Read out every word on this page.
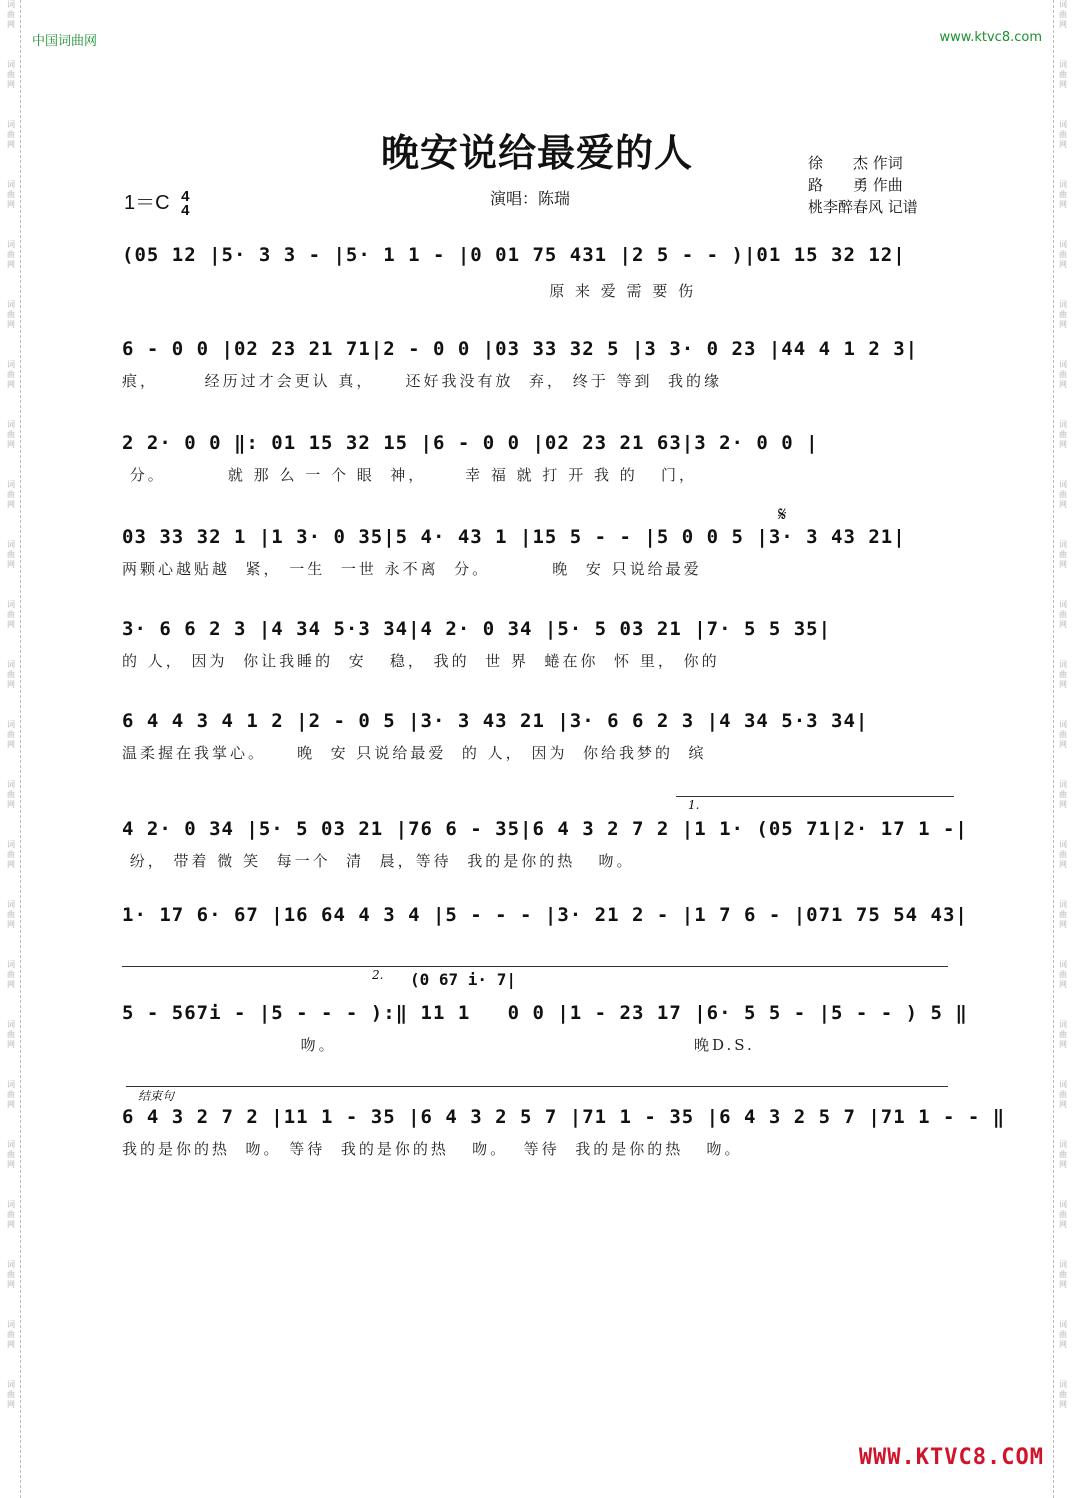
词
曲
网
词
曲
网
词
曲
网
词
曲
网
词
曲
网
词
曲
网
词
曲
网
词
曲
网
词
曲
网
词
曲
网
词
曲
网
词
曲
网
词
曲
网
词
曲
网
词
曲
网
词
曲
网
词
曲
网
词
曲
网
词
曲
网
词
曲
网
词
曲
网
词
曲
网
词
曲
网
词
曲
网
词
曲
网
词
曲
网
词
曲
网
词
曲
网
词
曲
网
词
曲
网
词
曲
网
词
曲
网
词
曲
网
词
曲
网
词
曲
网
词
曲
网
词
曲
网
词
曲
网
词
曲
网
词
曲
网
词
曲
网
词
曲
网
词
曲
网
词
曲
网
词
曲
网
词
曲
网
词
曲
网
词
曲
网
中国词曲网	www.ktvc8.com
晚安说给最爱的人	徐　　杰 作词
路　　勇 作曲
桃李醉春风 记谱
1＝C 4
4
演唱：陈瑞
(05 12 |5· 3 3 - |5· 1 1 - |0 01 75 431 |2 5 - - )|01 15 32 12|
原 来 爱 需 要 伤
6 - 0 0 |02 23 21 71|2 - 0 0 |03 33 32 5 |3 3· 0 23 |44 4 1 2 3|
痕，      经历过才会更认 真，    还好我没有放  弃， 终于 等到  我的缘
2 2· 0 0 ‖: 01 15 32 15 |6 - 0 0 |02 23 21 63|3 2· 0 0 |
分。        就 那 么 一 个 眼  神，     幸 福 就 打 开 我 的   门，
𝄋
03 33 32 1 |1 3· 0 35|5 4· 43 1 |15 5 - - |5 0 0 5 |3· 3 43 21|
两颗心越贴越  紧， 一生  一世 永不离  分。        晚  安 只说给最爱
3· 6 6 2 3 |4 34 5·3 34|4 2· 0 34 |5· 5 03 21 |7· 5 5 35|
的 人， 因为  你让我睡的  安   稳， 我的  世 界  蜷在你  怀 里， 你的
6 4 4 3 4 1 2 |2 - 0 5 |3· 3 43 21 |3· 6 6 2 3 |4 34 5·3 34|
温柔握在我掌心。    晚  安 只说给最爱  的 人， 因为  你给我梦的  缤
1.
4 2· 0 34 |5· 5 03 21 |76 6 - 35|6 4 3 2 7 2 |1 1· (05 71|2· 17 1 -|
纷， 带着 微 笑  每一个  清  晨，等待  我的是你的热   吻。
1· 17 6· 67 |16 64 4 3 4 |5 - - - |3· 21 2 - |1 7 6 - |071 75 54 43|
2. (0 67 i· 7|
5 - 567i - |5 - - - ):‖ 11 1   0 0 |1 - 23 17 |6· 5 5 - |5 - - ) 5 ‖
吻。                                              晚D.S.
结束句
6 4 3 2 7 2 |11 1 - 35 |6 4 3 2 5 7 |71 1 - 35 |6 4 3 2 5 7 |71 1 - - ‖
我的是你的热  吻。 等待  我的是你的热   吻。  等待  我的是你的热   吻。
WWW.KTVC8.COM
